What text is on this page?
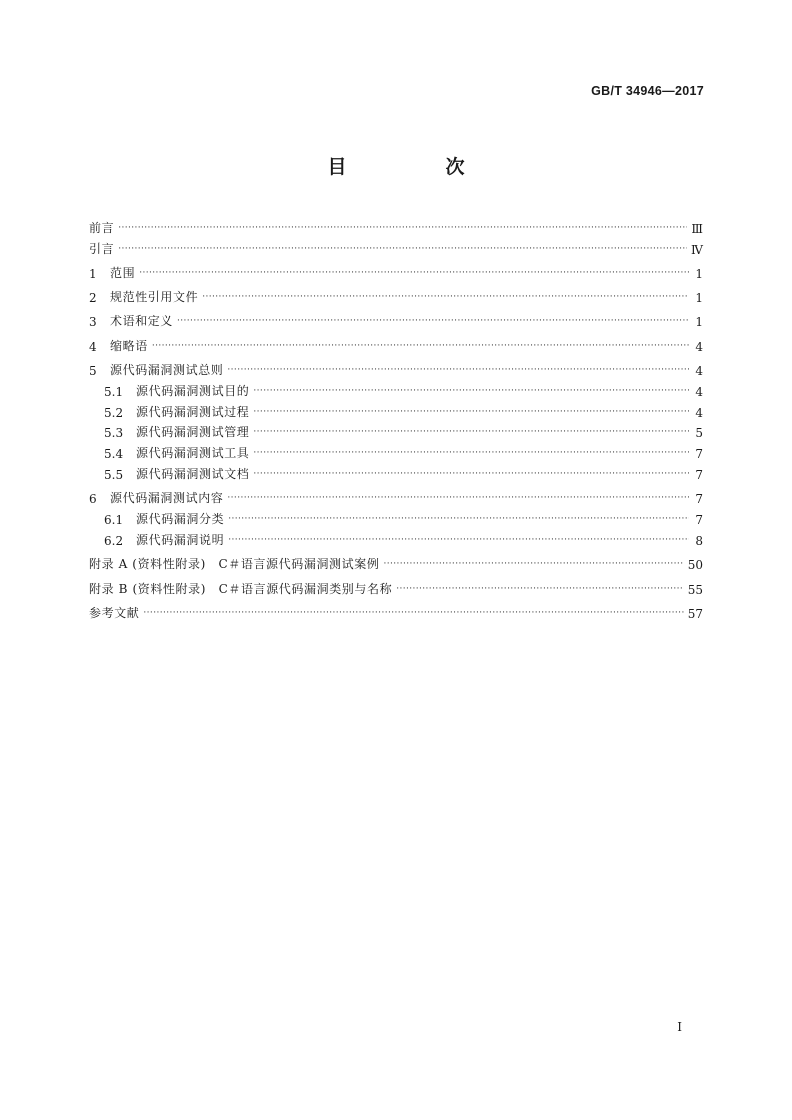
GB/T 34946—2017
目　次
前言 ·····	Ⅲ
引言 ·····	Ⅳ
1	范围 ·····	1
2	规范性引用文件 ·····	1
3	术语和定义 ·····	1
4	缩略语 ·····	4
5	源代码漏洞测试总则 ·····	4
5.1	源代码漏洞测试目的 ·····	4
5.2	源代码漏洞测试过程 ·····	4
5.3	源代码漏洞测试管理 ·····	5
5.4	源代码漏洞测试工具 ·····	7
5.5	源代码漏洞测试文档 ·····	7
6	源代码漏洞测试内容 ·····	7
6.1	源代码漏洞分类 ·····	7
6.2	源代码漏洞说明 ·····	8
附录 A (资料性附录)　C＃语言源代码漏洞测试案例 ·····	50
附录 B (资料性附录)　C＃语言源代码漏洞类别与名称 ·····	55
参考文献 ·····	57
Ⅰ
